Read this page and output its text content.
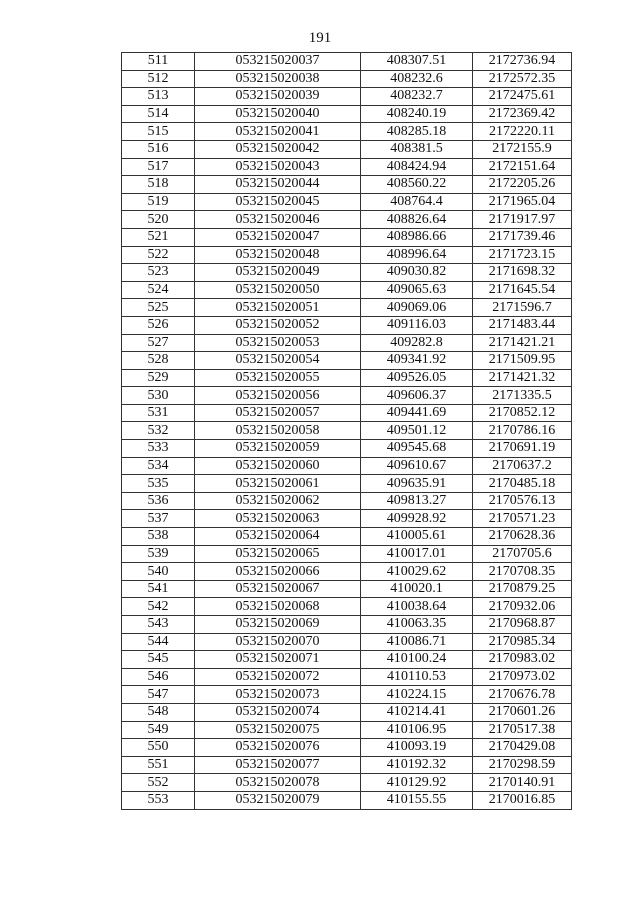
191
511	053215020037	408307.51	2172736.94
512	053215020038	408232.6	2172572.35
513	053215020039	408232.7	2172475.61
514	053215020040	408240.19	2172369.42
515	053215020041	408285.18	2172220.11
516	053215020042	408381.5	2172155.9
517	053215020043	408424.94	2172151.64
518	053215020044	408560.22	2172205.26
519	053215020045	408764.4	2171965.04
520	053215020046	408826.64	2171917.97
521	053215020047	408986.66	2171739.46
522	053215020048	408996.64	2171723.15
523	053215020049	409030.82	2171698.32
524	053215020050	409065.63	2171645.54
525	053215020051	409069.06	2171596.7
526	053215020052	409116.03	2171483.44
527	053215020053	409282.8	2171421.21
528	053215020054	409341.92	2171509.95
529	053215020055	409526.05	2171421.32
530	053215020056	409606.37	2171335.5
531	053215020057	409441.69	2170852.12
532	053215020058	409501.12	2170786.16
533	053215020059	409545.68	2170691.19
534	053215020060	409610.67	2170637.2
535	053215020061	409635.91	2170485.18
536	053215020062	409813.27	2170576.13
537	053215020063	409928.92	2170571.23
538	053215020064	410005.61	2170628.36
539	053215020065	410017.01	2170705.6
540	053215020066	410029.62	2170708.35
541	053215020067	410020.1	2170879.25
542	053215020068	410038.64	2170932.06
543	053215020069	410063.35	2170968.87
544	053215020070	410086.71	2170985.34
545	053215020071	410100.24	2170983.02
546	053215020072	410110.53	2170973.02
547	053215020073	410224.15	2170676.78
548	053215020074	410214.41	2170601.26
549	053215020075	410106.95	2170517.38
550	053215020076	410093.19	2170429.08
551	053215020077	410192.32	2170298.59
552	053215020078	410129.92	2170140.91
553	053215020079	410155.55	2170016.85
